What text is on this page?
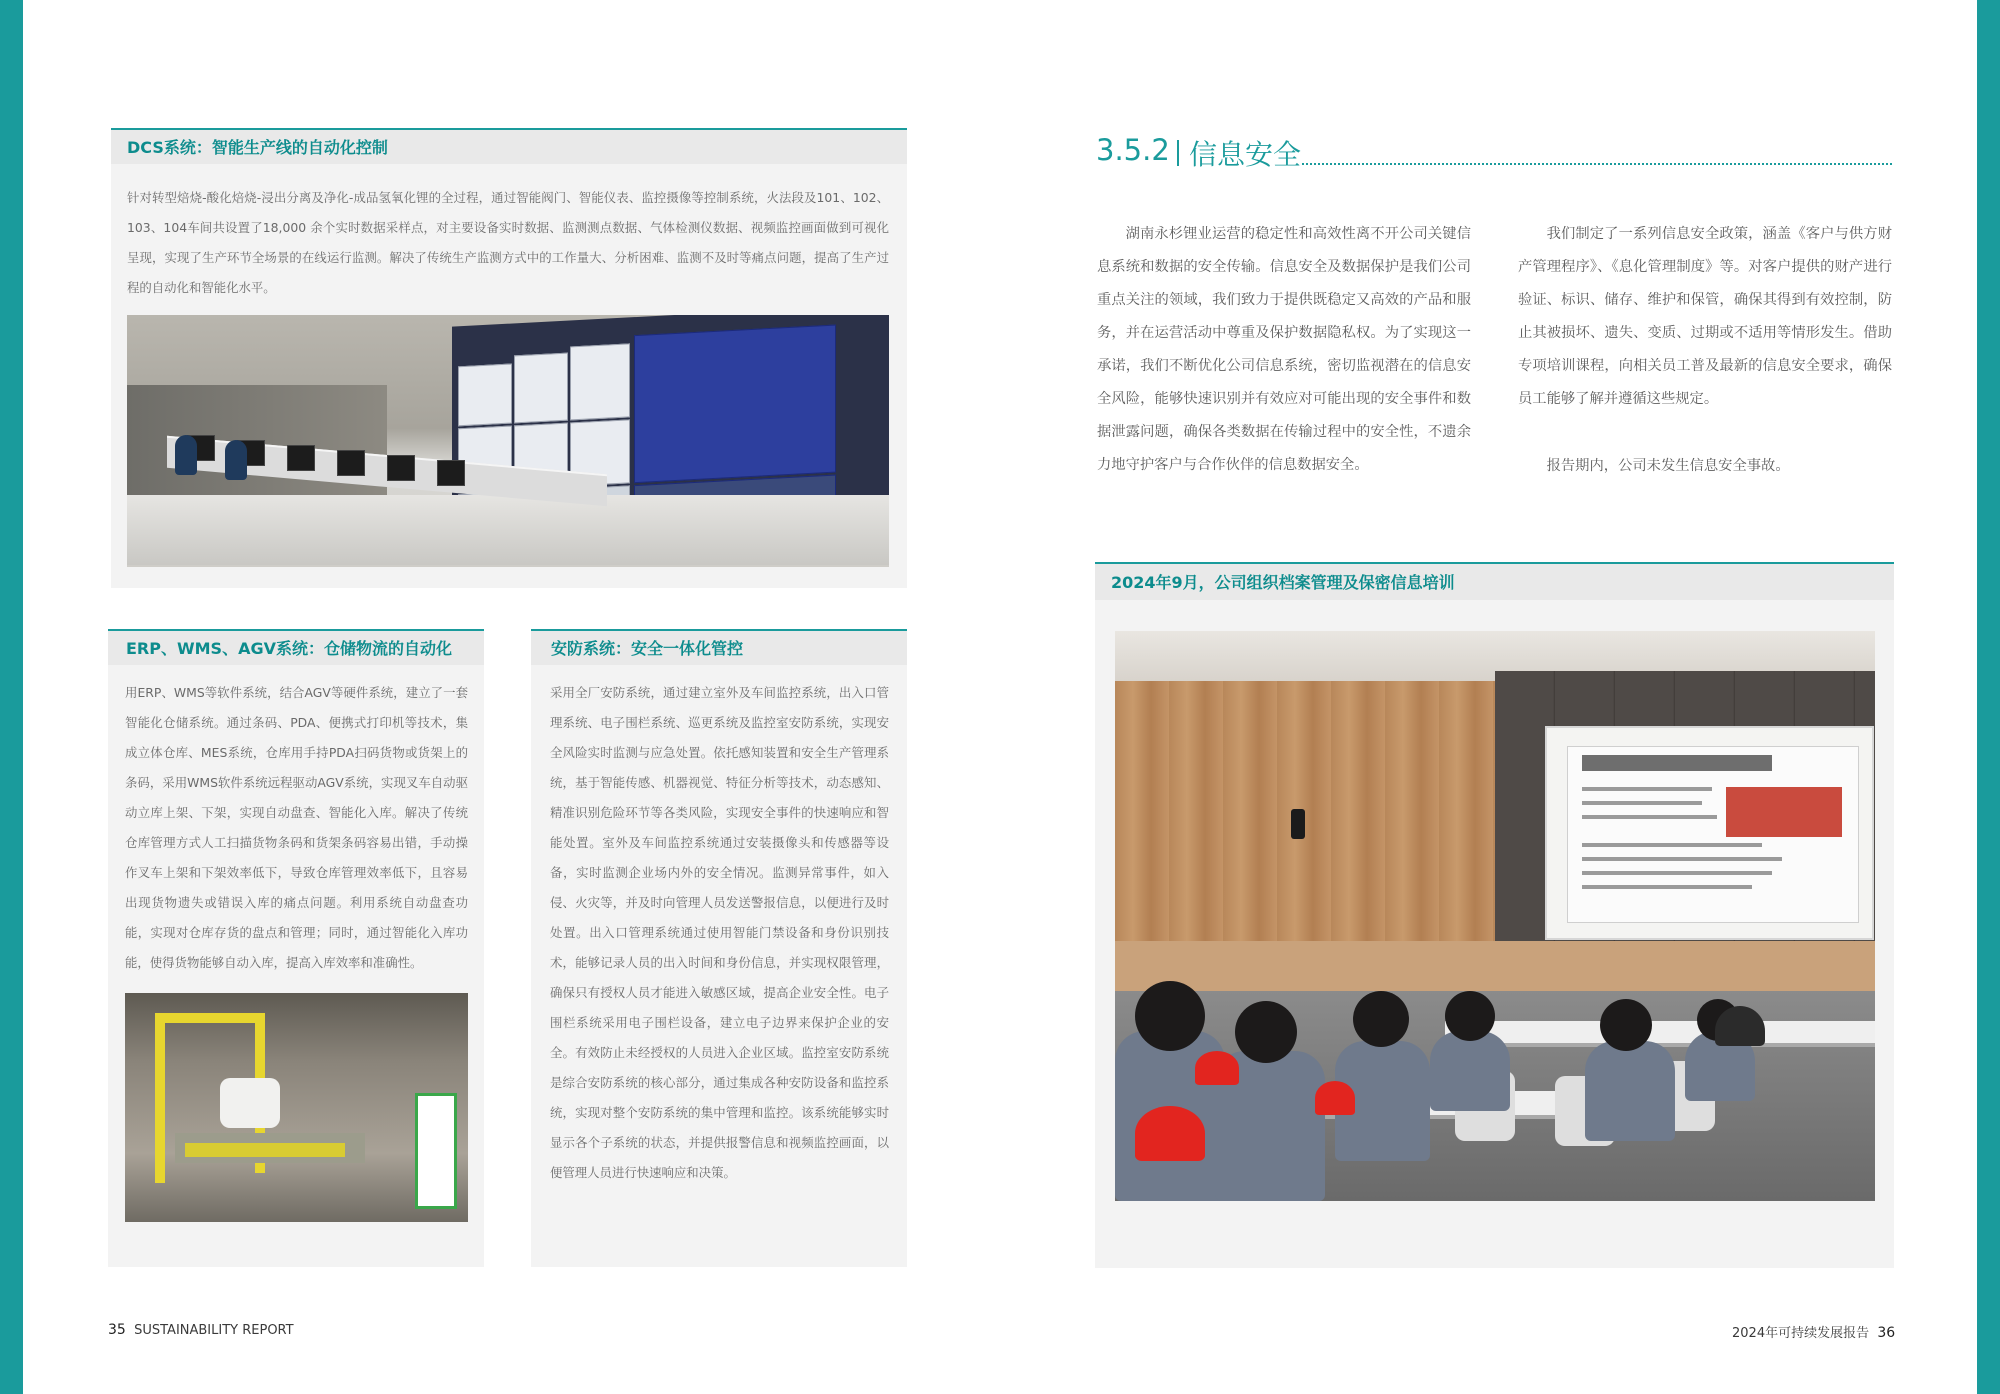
DCS系统：智能生产线的自动化控制

针对转型焙烧-酸化焙烧-浸出分离及净化-成品氢氧化锂的全过程，通过智能阀门、智能仪表、监控摄像等控制系统，火法段及101、102、103、104车间共设置了18,000 余个实时数据采样点，对主要设备实时数据、监测测点数据、气体检测仪数据、视频监控画面做到可视化呈现，实现了生产环节全场景的在线运行监测。解决了传统生产监测方式中的工作量大、分析困难、监测不及时等痛点问题，提高了生产过程的自动化和智能化水平。

ERP、WMS、AGV系统：仓储物流的自动化

用ERP、WMS等软件系统，结合AGV等硬件系统，建立了一套智能化仓储系统。通过条码、PDA、便携式打印机等技术，集成立体仓库、MES系统，仓库用手持PDA扫码货物或货架上的条码，采用WMS软件系统远程驱动AGV系统，实现叉车自动驱动立库上架、下架，实现自动盘查、智能化入库。解决了传统仓库管理方式人工扫描货物条码和货架条码容易出错，手动操作叉车上架和下架效率低下，导致仓库管理效率低下，且容易出现货物遗失或错误入库的痛点问题。利用系统自动盘查功能，实现对仓库存货的盘点和管理；同时，通过智能化入库功能，使得货物能够自动入库，提高入库效率和准确性。

安防系统：安全一体化管控

采用全厂安防系统，通过建立室外及车间监控系统，出入口管理系统、电子围栏系统、巡更系统及监控室安防系统，实现安全风险实时监测与应急处置。依托感知装置和安全生产管理系统，基于智能传感、机器视觉、特征分析等技术，动态感知、精准识别危险环节等各类风险，实现安全事件的快速响应和智能处置。室外及车间监控系统通过安装摄像头和传感器等设备，实时监测企业场内外的安全情况。监测异常事件，如入侵、火灾等，并及时向管理人员发送警报信息，以便进行及时处置。出入口管理系统通过使用智能门禁设备和身份识别技术，能够记录人员的出入时间和身份信息，并实现权限管理，确保只有授权人员才能进入敏感区域，提高企业安全性。电子围栏系统采用电子围栏设备，建立电子边界来保护企业的安全。有效防止未经授权的人员进入企业区域。监控室安防系统是综合安防系统的核心部分，通过集成各种安防设备和监控系统，实现对整个安防系统的集中管理和监控。该系统能够实时显示各个子系统的状态，并提供报警信息和视频监控画面，以便管理人员进行快速响应和决策。

3.5.2 信息安全

湖南永杉锂业运营的稳定性和高效性离不开公司关键信息系统和数据的安全传输。信息安全及数据保护是我们公司重点关注的领域，我们致力于提供既稳定又高效的产品和服务，并在运营活动中尊重及保护数据隐私权。为了实现这一承诺，我们不断优化公司信息系统，密切监视潜在的信息安全风险，能够快速识别并有效应对可能出现的安全事件和数据泄露问题，确保各类数据在传输过程中的安全性，不遗余力地守护客户与合作伙伴的信息数据安全。

我们制定了一系列信息安全政策，涵盖《客户与供方财产管理程序》、《息化管理制度》等。对客户提供的财产进行验证、标识、储存、维护和保管，确保其得到有效控制，防止其被损坏、遗失、变质、过期或不适用等情形发生。借助专项培训课程，向相关员工普及最新的信息安全要求，确保员工能够了解并遵循这些规定。

报告期内，公司未发生信息安全事故。

2024年9月，公司组织档案管理及保密信息培训
35 SUSTAINABILITY REPORT	2024年可持续发展报告 36
